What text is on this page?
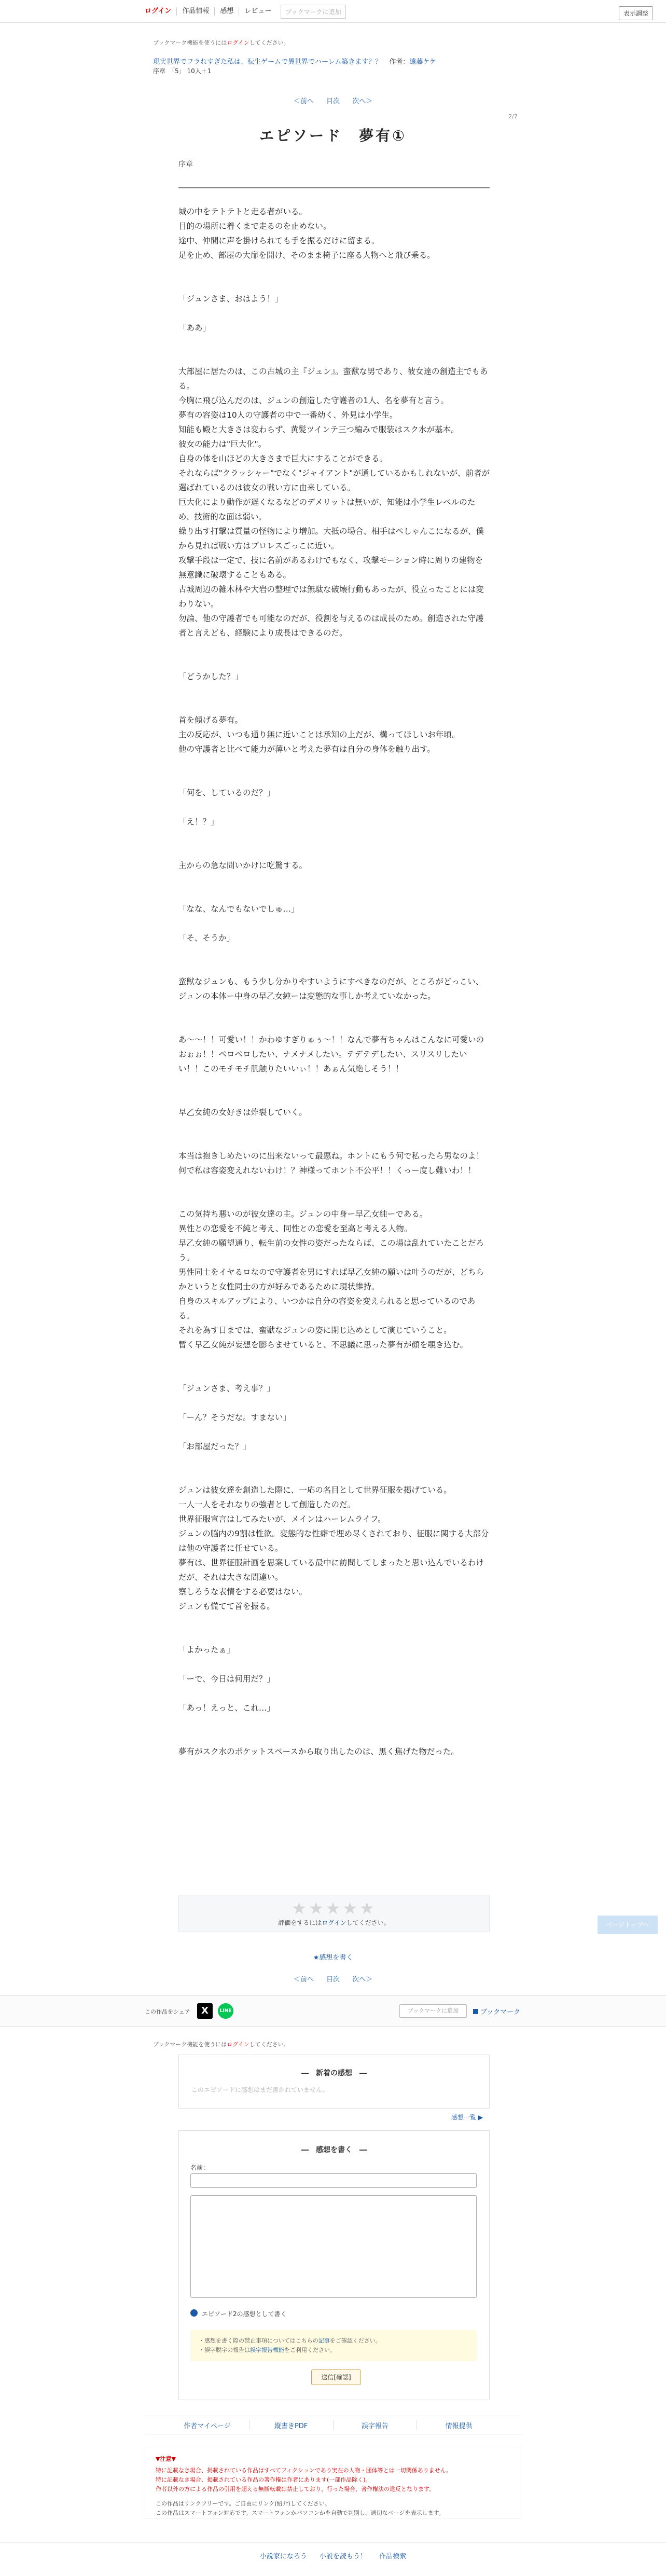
ログイン	作品情報	感想	レビュー	ブックマークに追加	表示調整
ブックマーク機能を使うにはログインしてください。
現実世界でフラれすぎた私は、転生ゲームで異世界でハーレム築きます？？ 作者：遠藤ケケ
序章　「5」 10人＋1
＜前へ 目次 次へ＞
2/7
エピソード　夢有①
序章

城の中をテトテトと走る者がいる。

目的の場所に着くまで走るのを止めない。

途中、仲間に声を掛けられても手を振るだけに留まる。

足を止め、部屋の大扉を開け、そのまま椅子に座る人物へと飛び乗る。

「ジュンさま、おはよう！」

「ああ」

大部屋に居たのは、この古城の主『ジュン』。蛮獣な男であり、彼女達の創造主でもある。

今胸に飛び込んだのは、ジュンの創造した守護者の1人、名を夢有と言う。

夢有の容姿は10人の守護者の中で一番幼く、外見は小学生。

知能も殿と大きさは変わらず、黄髪ツインテ三つ編みで服装はスク水が基本。

彼女の能力は"巨大化"。

自身の体を山ほどの大きさまで巨大にすることができる。

それならば"クラッシャー"でなく"ジャイアント"が通しているかもしれないが、前者が選ばれているのは彼女の戦い方に由来している。

巨大化により動作が遅くなるなどのデメリットは無いが、知能は小学生レベルのため、技術的な面は弱い。

繰り出す打撃は質量の怪物により増加。大抵の場合、相手はペしゃんこになるが、僕から見れば戦い方はプロレスごっこに近い。

攻撃手段は一定で、技に名前があるわけでもなく、攻撃モーション時に周りの建物を無意識に破壊することもある。

古城周辺の雑木林や大岩の整理では無駄な破壊行動もあったが、役立ったことには変わりない。

勿論、他の守護者でも可能なのだが、役割を与えるのは成長のため。創造された守護者と言えども、経験により成長はできるのだ。

「どうかした？」

首を傾げる夢有。

主の反応が、いつも通り無に近いことは承知の上だが、構ってほしいお年頃。

他の守護者と比べて能力が薄いと考えた夢有は自分の身体を触り出す。

「何を、しているのだ？」

「え！？」

主からの急な問いかけに吃驚する。

「なな、なんでもないでしゅ…」

「そ、そうか」

蛮獣なジュンも、もう少し分かりやすいようにすべきなのだが、ところがどっこい、ジュンの本体ー中身の早乙女純ーは変態的な事しか考えていなかった。

あ〜〜！！可愛い！！かわゆすぎりゅぅ〜！！なんで夢有ちゃんはこんなに可愛いのおぉぉ！！ペロペロしたい、ナメナメしたい。テデテデしたい、スリスリしたいい！！このモチモチ肌触りたいいぃ！！あぁん気絶しそう！！

早乙女純の女好きは炸裂していく。

本当は抱きしめたいのに出来ないって最悪ね。ホントにもう何で私ったら男なのよ！何で私は容姿変えれないわけ！？神様ってホント不公平！！くっー度し難いわ！！

この気持ち悪いのが彼女達の主。ジュンの中身ー早乙女純ーである。

異性との恋愛を不純と考え、同性との恋愛を至高と考える人物。

早乙女純の願望通り、転生前の女性の姿だったならば、この場は乱れていたことだろう。

男性同士をイヤるロなので守護者を男にすれば早乙女純の願いは叶うのだが、どちらかというと女性同士の方が好みであるために現状維持。

自身のスキルアップにより、いつかは自分の容姿を変えられると思っているのである。

それを為す日までは、蛮獣なジュンの姿に閉じ込めとして演じていうこと。

暫く早乙女純が妄想を膨らませていると、不思議に思った夢有が顔を覗き込む。

「ジュンさま、考え事？」

「ーん？そうだな。すまない」

「お部屋だった？」

ジュンは彼女達を創造した際に、一応の名目として世界征服を掲げている。

一人一人をそれなりの強者として創造したのだ。

世界征服宣言はしてみたいが、メインはハーレムライフ。

ジュンの脳内の9割は性欲。変態的な性癖で埋め尽くされており、征服に関する大部分は他の守護者に任せている。

夢有は、世界征服計画を思案している最中に訪問してしまったと思い込んでいるわけだが、それは大きな間違い。

察しろうな表情をする必要はない。

ジュンも慌てて首を振る。

「よかったぁ」

「ーで、今日は何用だ？」

「あっ！えっと、これ…」

夢有がスク水のポケットスペースから取り出したのは、黒く焦げた物だった。

★★★★★
評価をするにはログインしてください。	ページトップへ
★感想を書く
＜前へ 目次 次へ＞
この作品をシェア	X	LINE	ブックマークに追加	ブックマーク
ブックマーク機能を使うにはログインしてください。
―　新着の感想　―
このエピソードに感想はまだ書かれていません。
感想一覧 ▶
―　感想を書く　―
名前：
エピソード2の感想として書く
・感想を書く際の禁止事項についてはこちらの記事をご確認ください。
・誤字脱字の報告は誤字報告機能をご利用ください。
送信[確認]
作者マイページ	縦書きPDF	誤字報告	情報提供
▼注意▼
特に記載なき場合、掲載されている作品はすべてフィクションであり実在の人物・団体等とは一切関係ありません。
特に記載なき場合、掲載されている作品の著作権は作者にあります(一部作品除く)。
作者以外の方による作品の引用を超える無断転載は禁止しており、行った場合、著作権法の違反となります。
この作品はリンクフリーです。ご自由にリンク(紹介)してください。
この作品はスマートフォン対応です。スマートフォンかパソコンかを自動で判別し、適切なページを表示します。
小説家になろう 小説を読もう！ 作品検索
